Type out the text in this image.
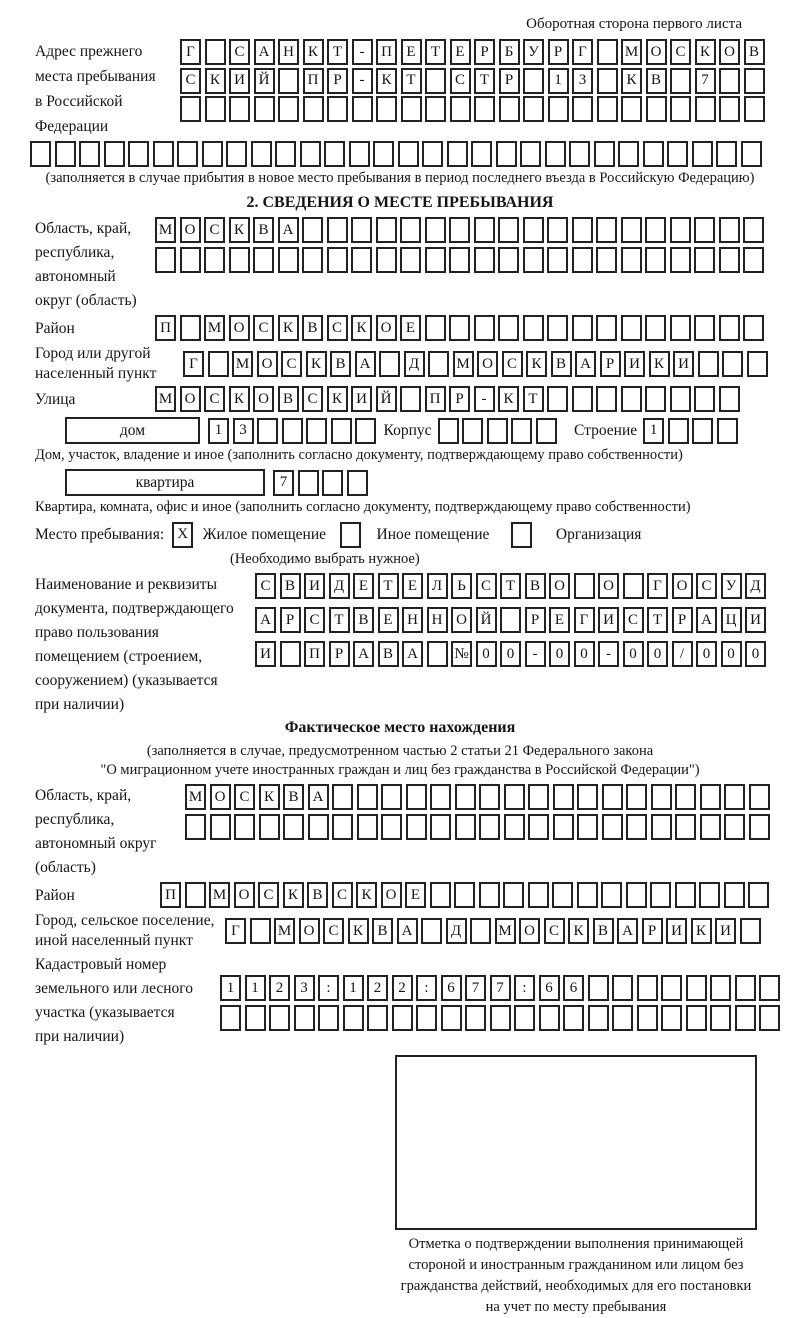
Оборотная сторона первого листа
Адрес прежнего
места пребывания
в Российской
Федерации
Г	С А Н К Т	-	П Е	Т	Е	Р	Б У	Р	Г	М О С К О В
С К И Й	П Р	-	К Т	С Т	Р	1	3	К В	7
(заполняется в случае прибытия в новое место пребывания в период последнего въезда в Российскую Федерацию)
2. СВЕДЕНИЯ О МЕСТЕ ПРЕБЫВАНИЯ
Область, край,
республика,
автономный
округ (область)
М О С К В А
Район	П	М О С К В С К О Е
Город или другой
населенный пункт
Г	М О С К В А	Д	М О С К В А Р И К И
Улица	М О С К О В С К И Й	П Р	-	К Т
дом	1	3	Корпус	Строение 1
Дом, участок, владение и иное (заполнить согласно документу, подтверждающему право собственности)
квартира	7
Квартира, комната, офис и иное (заполнить согласно документу, подтверждающему право собственности)
Место пребывания: X Жилое помещение	Иное помещение	Организация
(Необходимо выбрать нужное)
Наименование и реквизиты
документа, подтверждающего
право пользования
помещением (строением,
сооружением) (указывается
при наличии)
С В И Д Е	Т	Е Л	Ь	С Т В О	О	Г О С У Д
А Р	С Т В Е Н Н О Й	Р	Е	Г И С Т	Р А Ц И
И	П Р А В А	№ 0	0	-	0	0	-	0	0	/	0	0	0
Фактическое место нахождения
(заполняется в случае, предусмотренном частью 2 статьи 21 Федерального закона
"О миграционном учете иностранных граждан и лиц без гражданства в Российской Федерации")
Область, край,
республика,
автономный округ
(область)
М О С К В А
Район	П	М О С К В С К О Е
Город, сельское поселение,
иной населенный пункт
Г	М О С К В А	Д	М О С К В А Р И К И
Кадастровый номер
земельного или лесного
участка (указывается
при наличии)
1	1	2	3	:	1	2	2	:	6	7	7	:	6	6
Отметка о подтверждении выполнения принимающей
стороной и иностранным гражданином или лицом без
гражданства действий, необходимых для его постановки
на учет по месту пребывания
